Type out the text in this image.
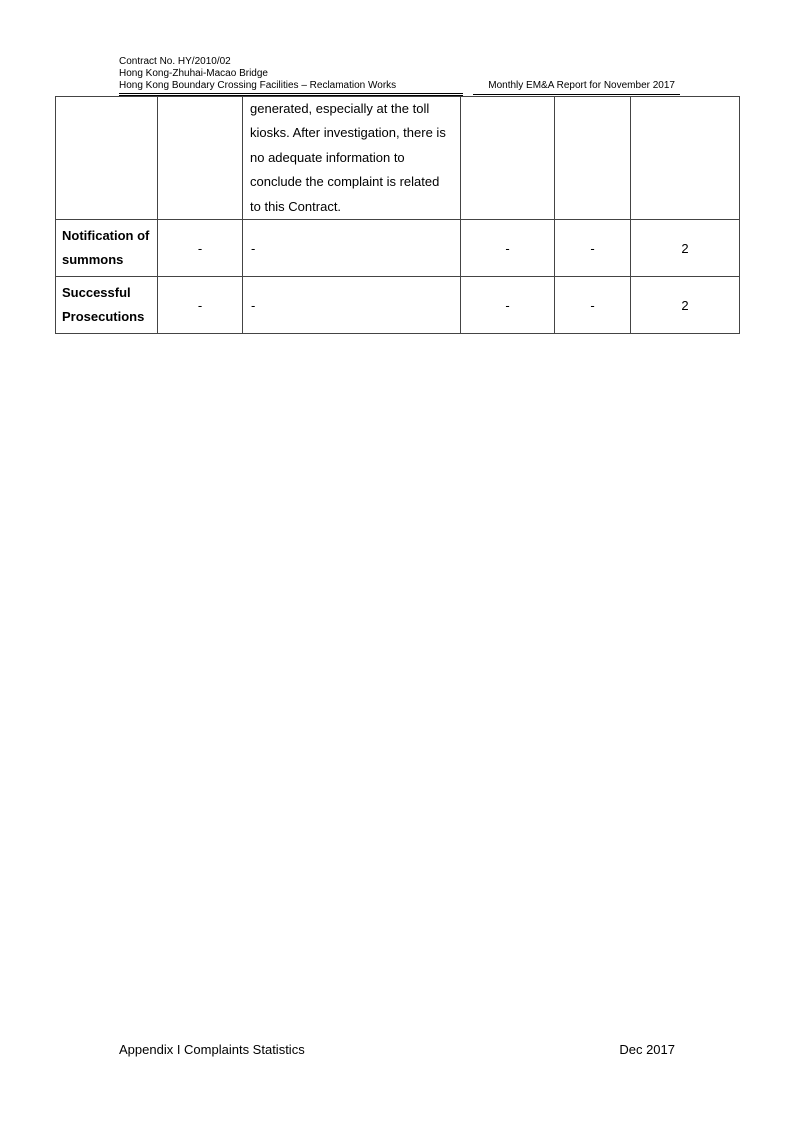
Contract No. HY/2010/02
Hong Kong-Zhuhai-Macao Bridge
Hong Kong Boundary Crossing Facilities – Reclamation Works	Monthly EM&A Report for November 2017

		generated, especially at the toll
kiosks. After investigation, there is
no adequate information to
conclude the complaint is related
to this Contract.			

Notification of
summons	-	-	-	-	2

Successful
Prosecutions	-	-	-	-	2
Appendix I Complaints Statistics	Dec 2017
